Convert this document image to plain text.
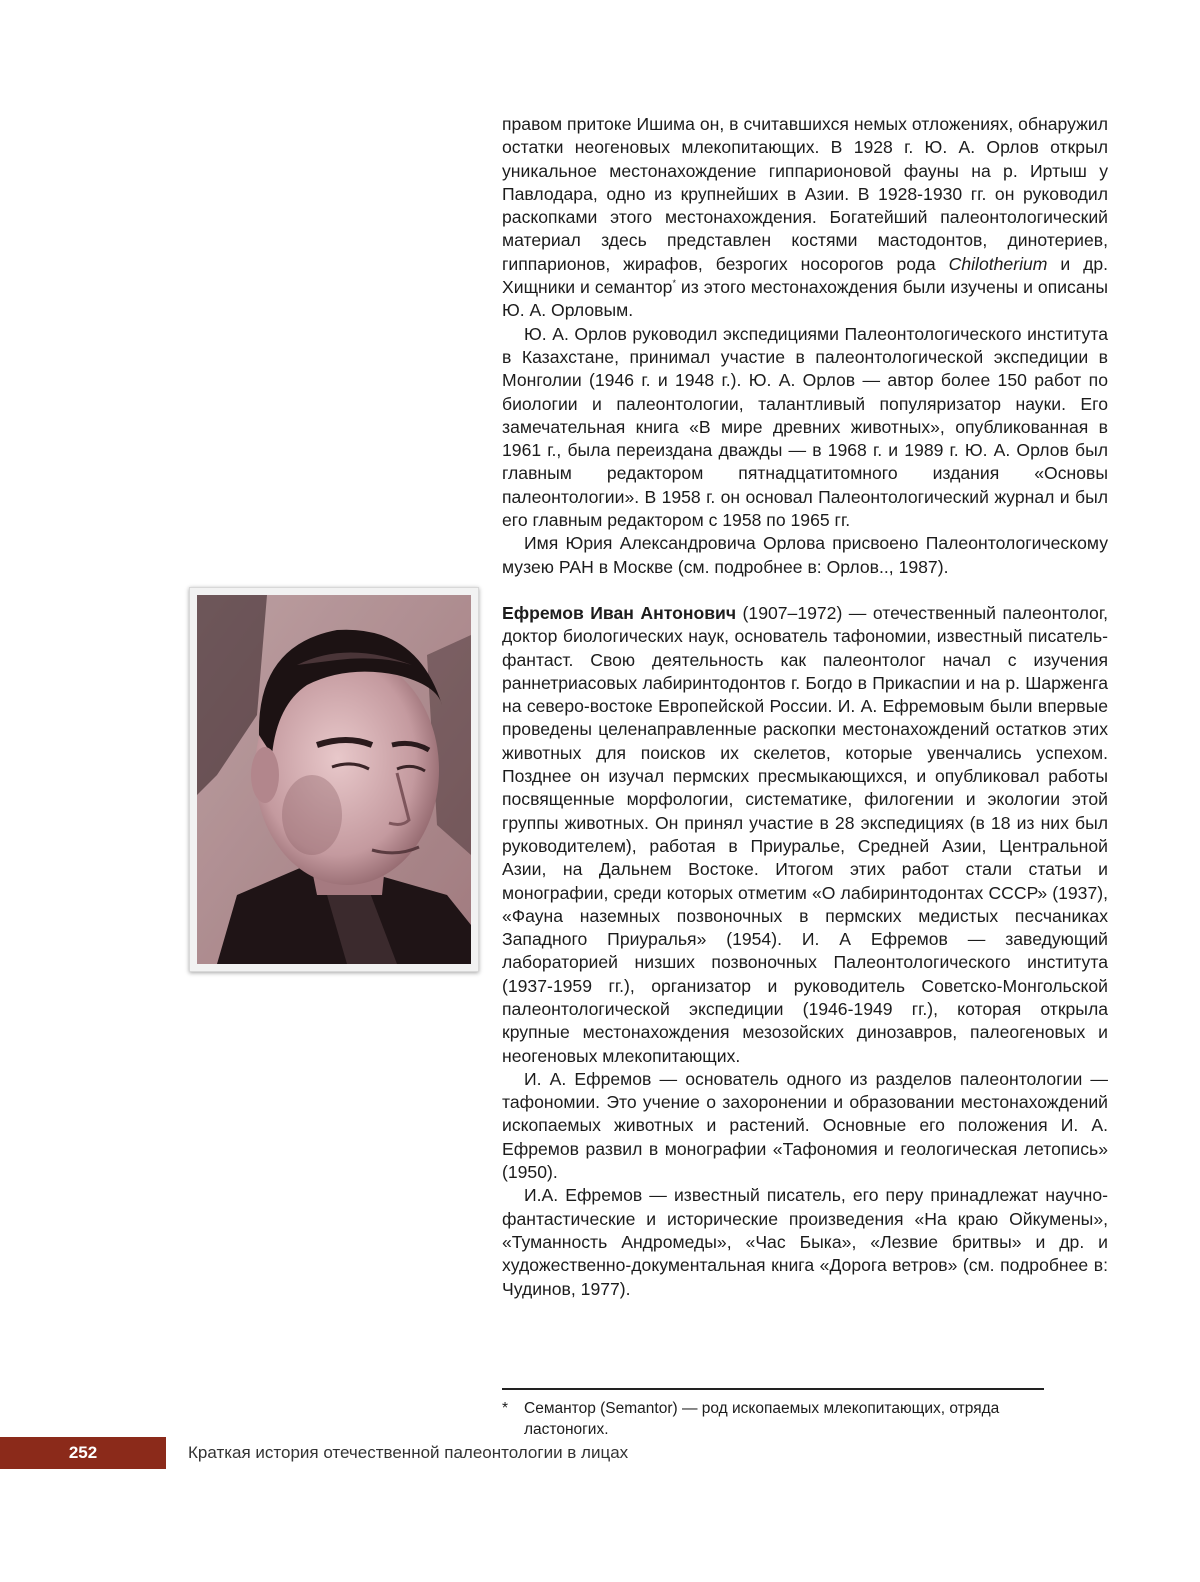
правом притоке Ишима он, в считавшихся немых отложениях, обнаружил остатки неогеновых млекопитающих. В 1928 г. Ю. А. Орлов открыл уникальное местонахождение гиппарионовой фауны на р. Иртыш у Павлодара, одно из крупнейших в Азии. В 1928-1930 гг. он руководил раскопками этого местонахождения. Богатейший палеонтологический материал здесь представлен костями мастодонтов, динотериев, гиппарионов, жирафов, безрогих носорогов рода Chilotherium и др. Хищники и семантор* из этого местонахождения были изучены и описаны Ю. А. Орловым.

Ю. А. Орлов руководил экспедициями Палеонтологического института в Казахстане, принимал участие в палеонтологической экспедиции в Монголии (1946 г. и 1948 г.). Ю. А. Орлов — автор более 150 работ по биологии и палеонтологии, талантливый популяризатор науки. Его замечательная книга «В мире древних животных», опубликованная в 1961 г., была переиздана дважды — в 1968 г. и 1989 г. Ю. А. Орлов был главным редактором пятнадцатитомного издания «Основы палеонтологии». В 1958 г. он основал Палеонтологический журнал и был его главным редактором с 1958 по 1965 гг.

Имя Юрия Александровича Орлова присвоено Палеонтологическому музею РАН в Москве (см. подробнее в: Орлов.., 1987).

Ефремов Иван Антонович (1907–1972) — отечественный палеонтолог, доктор биологических наук, основатель тафономии, известный писатель-фантаст. Свою деятельность как палеонтолог начал с изучения раннетриасовых лабиринтодонтов г. Богдо в Прикаспии и на р. Шарженга на северо-востоке Европейской России. И. А. Ефремовым были впервые проведены целенаправленные раскопки местонахождений остатков этих животных для поисков их скелетов, которые увенчались успехом. Позднее он изучал пермских пресмыкающихся, и опубликовал работы посвященные морфологии, систематике, филогении и экологии этой группы животных. Он принял участие в 28 экспедициях (в 18 из них был руководителем), работая в Приуралье, Средней Азии, Центральной Азии, на Дальнем Востоке. Итогом этих работ стали статьи и монографии, среди которых отметим «О лабиринтодонтах СССР» (1937), «Фауна наземных позвоночных в пермских медистых песчаниках Западного Приуралья» (1954). И. А Ефремов — заведующий лабораторией низших позвоночных Палеонтологического института (1937-1959 гг.), организатор и руководитель Советско-Монгольской палеонтологической экспедиции (1946-1949 гг.), которая открыла крупные местонахождения мезозойских динозавров, палеогеновых и неогеновых млекопитающих.

И. А. Ефремов — основатель одного из разделов палеонтологии — тафономии. Это учение о захоронении и образовании местонахождений ископаемых животных и растений. Основные его положения И. А. Ефремов развил в монографии «Тафономия и геологическая летопись» (1950).

И.А. Ефремов — известный писатель, его перу принадлежат научно-фантастические и исторические произведения «На краю Ойкумены», «Туманность Андромеды», «Час Быка», «Лезвие бритвы» и др. и художественно-документальная книга «Дорога ветров» (см. подробнее в: Чудинов, 1977).

* Семантор (Semantor) — род ископаемых млекопитающих, отряда ластоногих.
252	Краткая история отечественной палеонтологии в лицах
